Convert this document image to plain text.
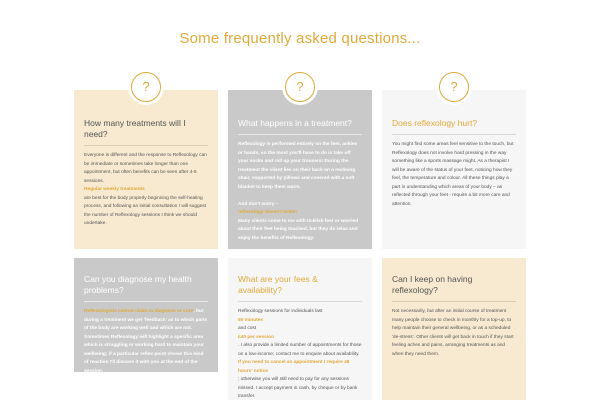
Some frequently asked questions...
?
How many treatments will I need?

Everyone is different and the response to Reflexology can be immediate or sometimes take longer than one appointment, but often benefits can be seen after 4-5 sessions.
Regular weekly treatments
are best for the body properly beginning the self-healing process, and following an initial consultation I will suggest the number of Reflexology sessions I think we should undertake.

?
What happens in a treatment?

Reflexology is performed entirely on the feet, ankles or hands, so the most you'll have to do is take off your socks and roll up your trousers! During the treatment the client lies on their back on a reclining chair, supported by pillows and covered with a soft blanket to keep them warm.

And don't worry –
reflexology doesn't tickle!
Many clients come to me with ticklish feet or worried about their feet being touched, but they do relax and enjoy the benefits of Reflexology.

?
Does reflexology hurt?

You might find some areas feel sensitive to the touch, but Reflexology does not involve hard pressing in the way something like a sports massage might. As a therapist I will be aware of the status of your feet, noticing how they feel, the temperature and colour. All these things play a part in understanding which areas of your body – as reflected through your feet - require a bit more care and attention.

Can you diagnose my health problems?

Reflexologists cannot claim to diagnose or cure, but during a treatment we get 'feedback' as to which parts of the body are working well and which are not. Sometimes Reflexology will highlight a specific area which is struggling or working hard to maintain your wellbeing; if a particular reflex point shows this kind of reaction I'll discuss it with you at the end of the session.

What are your fees & availability?

Reflexology sessions for individuals last
50 minutes
and cost
£40 per session
. I also provide a limited number of appointments for those on a low-income; contact me to enquire about availability.
If you need to cancel an appointment I require 48 hours' notice
; otherwise you will still need to pay for any sessions missed. I accept payment in cash, by cheque or by bank transfer.

Can I keep on having reflexology?

Not necessarily, but after an initial course of treatment many people choose to check in monthly for a top-up, to help maintain their general wellbeing, or as a scheduled 'de-stress'. Other clients will get back in touch if they start feeling aches and pains, arranging treatments as and when they need them.
